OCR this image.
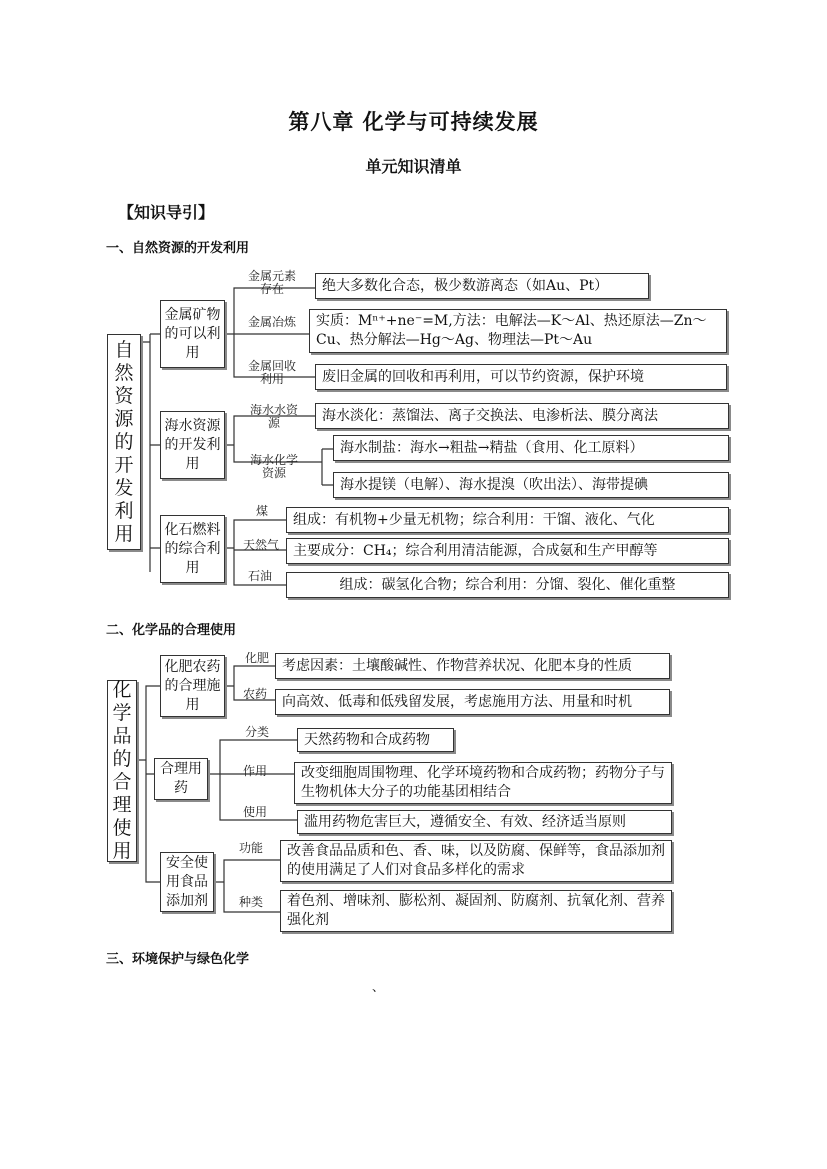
第八章 化学与可持续发展
单元知识清单
【知识导引】
一、自然资源的开发利用
自
然
资
源
的
开
发
利
用
金属矿物的可以利用
海水资源的开发利用
化石燃料的综合利用
金属元素存在
金属冶炼
金属回收利用
海水水资源
海水化学资源
煤
天然气
石油
绝大多数化合态，极少数游离态（如Au、Pt）
实质：Mⁿ⁺+ne⁻=M,方法：电解法—K～Al、热还原法—Zn～Cu、热分解法—Hg～Ag、物理法—Pt～Au
废旧金属的回收和再利用，可以节约资源，保护环境
海水淡化：蒸馏法、离子交换法、电渗析法、膜分离法
海水制盐：海水→粗盐→精盐（食用、化工原料）
海水提镁（电解）、海水提溴（吹出法）、海带提碘
组成：有机物+少量无机物；综合利用：干馏、液化、气化
主要成分：CH₄；综合利用清洁能源，合成氨和生产甲醇等
组成：碳氢化合物；综合利用：分馏、裂化、催化重整
二、化学品的合理使用
化
学
品
的
合
理
使
用
化肥农药的合理施用
合理用药
安全使用食品添加剂
化肥
农药
分类
作用
使用
功能
种类
考虑因素：土壤酸碱性、作物营养状况、化肥本身的性质
向高效、低毒和低残留发展，考虑施用方法、用量和时机
天然药物和合成药物
改变细胞周围物理、化学环境药物和合成药物；药物分子与生物机体大分子的功能基团相结合
滥用药物危害巨大，遵循安全、有效、经济适当原则
改善食品品质和色、香、味，以及防腐、保鲜等，食品添加剂的使用满足了人们对食品多样化的需求
着色剂、增味剂、膨松剂、凝固剂、防腐剂、抗氧化剂、营养强化剂
三、环境保护与绿色化学
、
